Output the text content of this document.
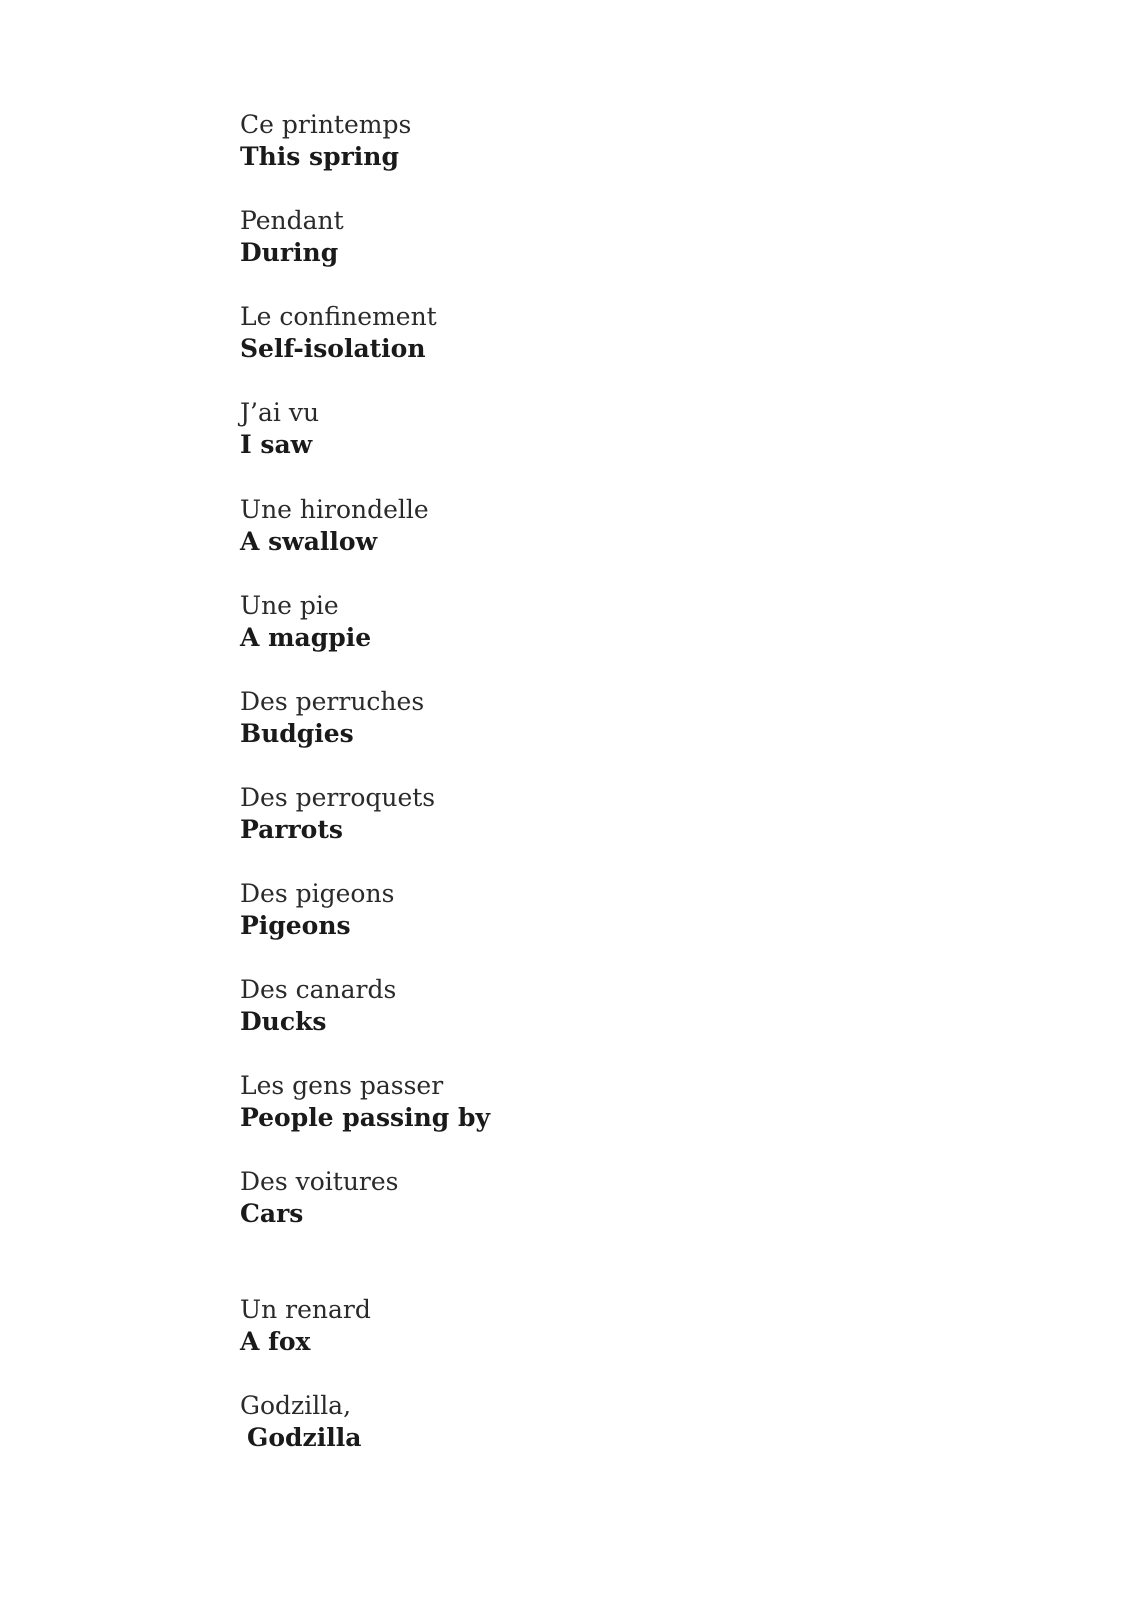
Ce printemps
This spring
Pendant
During
Le confinement
Self-isolation
J’ai vu
I saw
Une hirondelle
A swallow
Une pie
A magpie
Des perruches
Budgies
Des perroquets
Parrots
Des pigeons
Pigeons
Des canards
Ducks
Les gens passer
People passing by
Des voitures
Cars
Un renard
A fox
Godzilla,
Godzilla
